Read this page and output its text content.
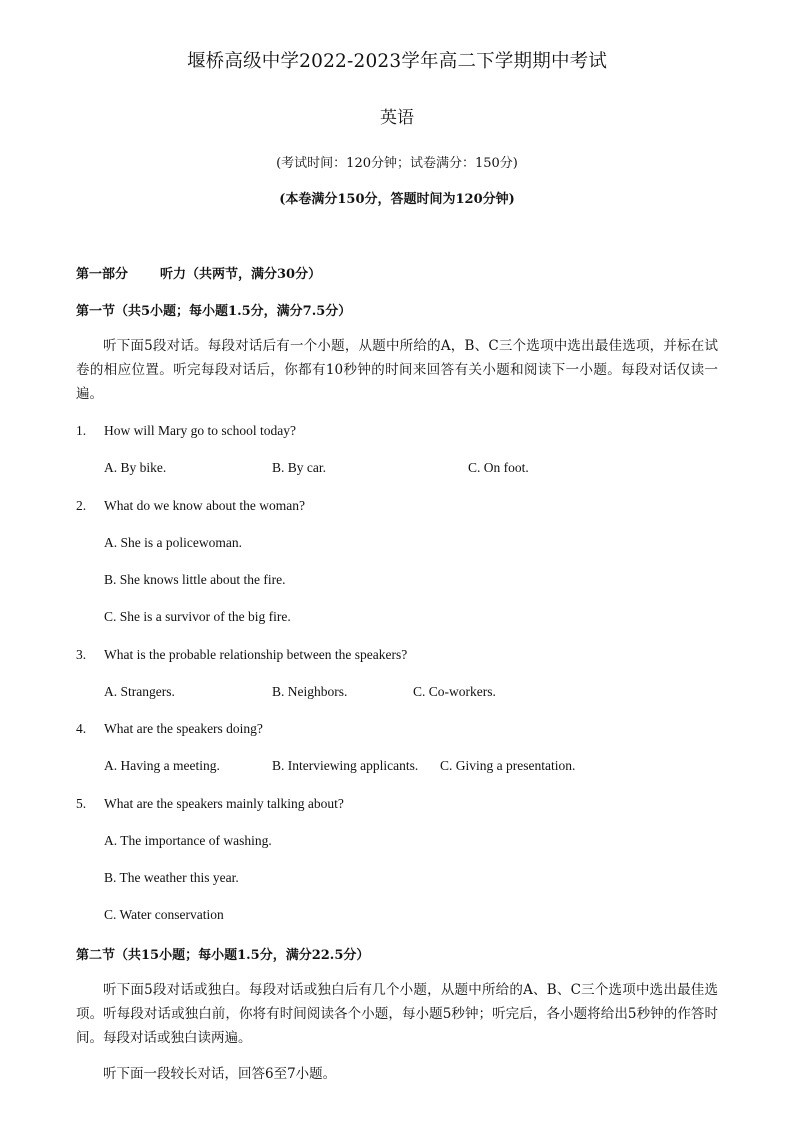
堰桥高级中学2022-2023学年高二下学期期中考试
英语
(考试时间：120分钟；试卷满分：150分)
(本卷满分150分，答题时间为120分钟)
第一部分 听力（共两节，满分30分）
第一节（共5小题；每小题1.5分，满分7.5分）
听下面5段对话。每段对话后有一个小题，从题中所给的A，B、C三个选项中选出最佳选项，并标在试卷的相应位置。听完每段对话后，你都有10秒钟的时间来回答有关小题和阅读下一小题。每段对话仅读一遍。
1. How will Mary go to school today?
A. By bike.	B. By car.	C. On foot.
2. What do we know about the woman?
A. She is a policewoman.
B. She knows little about the fire.
C. She is a survivor of the big fire.
3. What is the probable relationship between the speakers?
A. Strangers.	B. Neighbors.	C. Co-workers.
4. What are the speakers doing?
A. Having a meeting.	B. Interviewing applicants. C. Giving a presentation.
5. What are the speakers mainly talking about?
A. The importance of washing.
B. The weather this year.
C. Water conservation
第二节（共15小题；每小题1.5分，满分22.5分）
听下面5段对话或独白。每段对话或独白后有几个小题，从题中所给的A、B、C三个选项中选出最佳选项。听每段对话或独白前，你将有时间阅读各个小题，每小题5秒钟；听完后，各小题将给出5秒钟的作答时间。每段对话或独白读两遍。
听下面一段较长对话，回答6至7小题。
